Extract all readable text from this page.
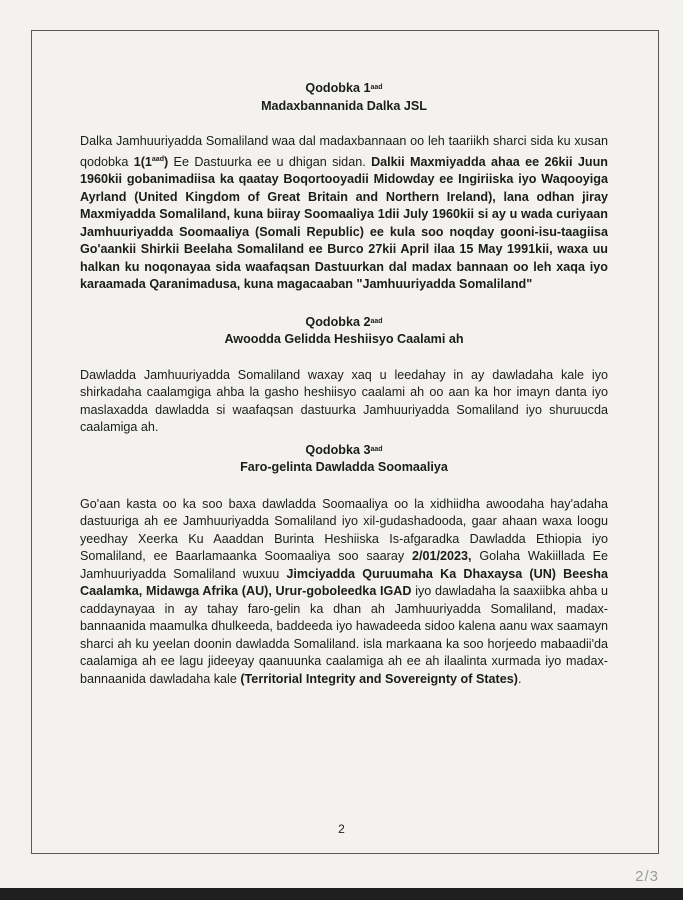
Qodobka $1^{aad}$

Madaxbannanida Dalka JSL

Dalka Jamhuuriyadda Somaliland waa dal madaxbannaan oo leh taariikh sharci sida ku xusan qodobka $1(1^{aad})$ Ee Dastuurka ee u dhigan sidan. Dalkii Maxmiyadda ahaa ee 26kii Juun 1960kii gobanimadiisa ka qaatay Boqortooyadii Midowday ee Ingiriiska iyo Waqooyiga Ayrland (United Kingdom of Great Britain and Northern Ireland), lana odhan jiray Maxmiyadda Somaliland, kuna biiray Soomaaliya 1dii July 1960kii si ay u wada curiyaan Jamhuuriyadda Soomaaliya (Somali Republic) ee kula soo noqday gooni-isu-taagiisa Go'aankii Shirkii Beelaha Somaliland ee Burco 27kii April ilaa 15 May 1991kii, waxa uu halkan ku noqonayaa sida waafaqsan Dastuurkan dal madax bannaan oo leh xaqa iyo karaamada Qaranimadusa, kuna magacaaban "Jamhuuriyadda Somaliland"

Qodobka $2^{aad}$

Awoodda Gelidda Heshiisyo Caalami ah

Dawladda Jamhuuriyadda Somaliland waxay xaq u leedahay in ay dawladaha kale iyo shirkadaha caalamgiga ahba la gasho heshiisyo caalami ah oo aan ka hor imayn danta iyo maslaxadda dawladda si waafaqsan dastuurka Jamhuuriyadda Somaliland iyo shuruucda caalamiga ah.

Qodobka $3^{aad}$

Faro-gelinta Dawladda Soomaaliya

Go'aan kasta oo ka soo baxa dawladda Soomaaliya oo la xidhiidha awoodaha hay'adaha dastuuriga ah ee Jamhuuriyadda Somaliland iyo xil-gudashadooda, gaar ahaan waxa loogu yeedhay Xeerka Ku Aaaddan Burinta Heshiiska Is-afgaradka Dawladda Ethiopia iyo Somaliland, ee Baarlamaanka Soomaaliya soo saaray 2/01/2023, Golaha Wakiillada Ee Jamhuuriyadda Somaliland wuxuu Jimciyadda Quruumaha Ka Dhaxaysa (UN) Beesha Caalamka, Midawga Afrika (AU), Urur-goboleedka IGAD iyo dawladaha la saaxiibka ahba u caddaynayaa in ay tahay faro-gelin ka dhan ah Jamhuuriyadda Somaliland, madax-bannaanida maamulka dhulkeeda, baddeeda iyo hawadeeda sidoo kalena aanu wax saamayn sharci ah ku yeelan doonin dawladda Somaliland. isla markaana ka soo horjeedo mabaadii'da caalamiga ah ee lagu jideeyay qaanuunka caalamiga ah ee ah ilaalinta xurmada iyo madax-bannaanida dawladaha kale (Territorial Integrity and Sovereignty of States).

2
2/3
